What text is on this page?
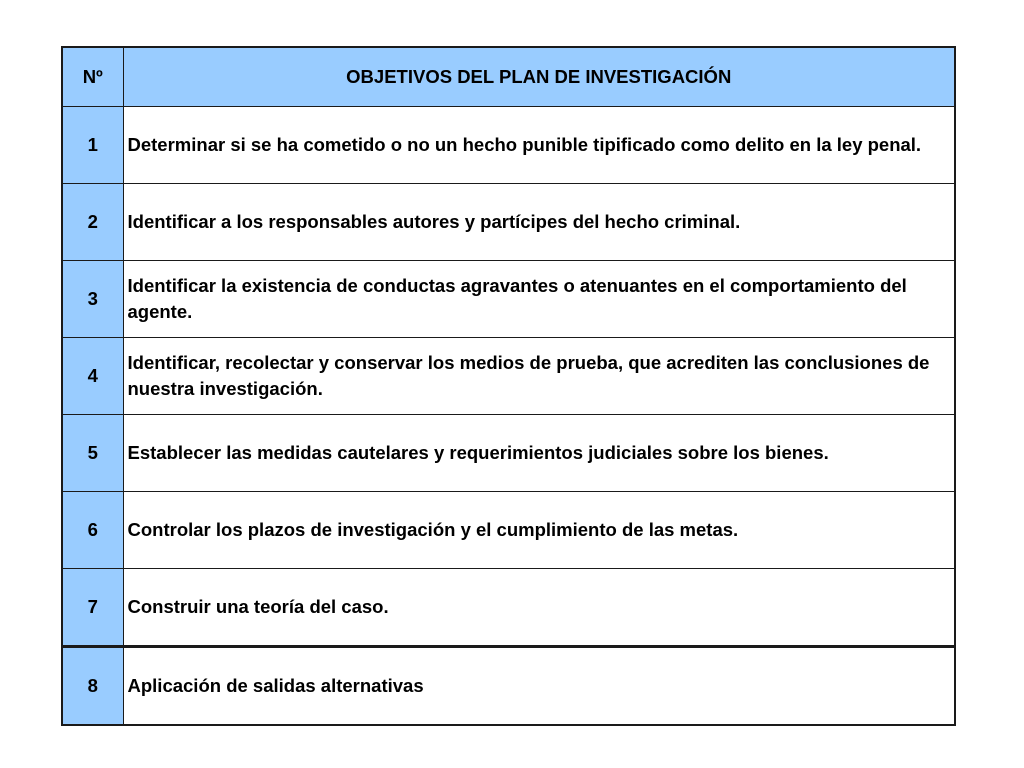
Nº	OBJETIVOS DEL PLAN DE INVESTIGACIÓN
1	Determinar si se ha cometido o no un hecho punible tipificado como delito en la ley penal.
2	Identificar a los responsables autores y partícipes del hecho criminal.
3	Identificar la existencia de conductas agravantes o atenuantes en el comportamiento del agente.
4	Identificar, recolectar y conservar los medios de prueba, que acrediten las conclusiones de nuestra investigación.
5	Establecer las medidas cautelares y requerimientos judiciales sobre los bienes.
6	Controlar los plazos de investigación y el cumplimiento de las metas.
7	Construir una teoría del caso.
8	Aplicación de salidas alternativas
